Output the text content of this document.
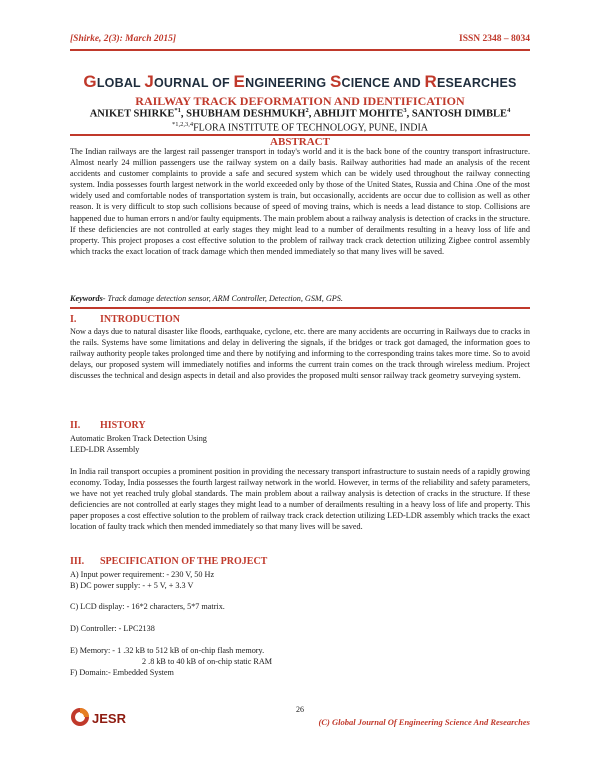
[Shirke, 2(3): March 2015]	ISSN 2348 – 8034
GLOBAL JOURNAL OF ENGINEERING SCIENCE AND RESEARCHES
RAILWAY TRACK DEFORMATION AND IDENTIFICATION
ANIKET SHIRKE$^{*1}$, SHUBHAM DESHMUKH$^2$, ABHIJIT MOHITE$^3$, SANTOSH DIMBLE$^4$
$^{*1,2,3,4}$FLORA INSTITUTE OF TECHNOLOGY, PUNE, INDIA
ABSTRACT
The Indian railways are the largest rail passenger transport in today's world and it is the back bone of the country transport infrastructure. Almost nearly 24 million passengers use the railway system on a daily basis. Railway authorities had made an analysis of the recent accidents and customer complaints to provide a safe and secured system which can be widely used throughout the railway connecting system. India possesses fourth largest network in the world exceeded only by those of the United States, Russia and China .One of the most widely used and comfortable nodes of transportation system is train, but occasionally, accidents are occur due to collision as well as other reason. It is very difficult to stop such collisions because of speed of moving trains, which is needs a lead distance to stop. Collisions are happened due to human errors n and/or faulty equipments. The main problem about a railway analysis is detection of cracks in the structure. If these deficiencies are not controlled at early stages they might lead to a number of derailments resulting in a heavy loss of life and property. This project proposes a cost effective solution to the problem of railway track crack detection utilizing Zigbee control assembly which tracks the exact location of track damage which then mended immediately so that many lives will be saved.
Keywords- Track damage detection sensor, ARM Controller, Detection, GSM, GPS.
I. INTRODUCTION
Now a days due to natural disaster like floods, earthquake, cyclone, etc. there are many accidents are occurring in Railways due to cracks in the rails. Systems have some limitations and delay in delivering the signals, if the bridges or track got damaged, the information goes to railway authority people takes prolonged time and there by notifying and informing to the corresponding trains takes more time. So to avoid delays, our proposed system will immediately notifies and informs the current train comes on the track through wireless medium. Project discusses the technical and design aspects in detail and also provides the proposed multi sensor railway track geometry surveying system.
II. HISTORY
Automatic Broken Track Detection Using
LED-LDR Assembly
In India rail transport occupies a prominent position in providing the necessary transport infrastructure to sustain needs of a rapidly growing economy. Today, India possesses the fourth largest railway network in the world. However, in terms of the reliability and safety parameters, we have not yet reached truly global standards. The main problem about a railway analysis is detection of cracks in the structure. If these deficiencies are not controlled at early stages they might lead to a number of derailments resulting in a heavy loss of life and property. This paper proposes a cost effective solution to the problem of railway track crack detection utilizing LED-LDR assembly which tracks the exact location of faulty track which then mended immediately so that many lives will be saved.
III. SPECIFICATION OF THE PROJECT
A) Input power requirement: - 230 V, 50 Hz
B) DC power supply: - + 5 V, + 3.3 V
C) LCD display: - 16*2 characters, 5*7 matrix.
D) Controller: - LPC2138
E) Memory: - 1 .32 kB to 512 kB of on-chip flash memory.
2 .8 kB to 40 kB of on-chip static RAM
F) Domain:- Embedded System
JESR
26
(C) Global Journal Of Engineering Science And Researches
